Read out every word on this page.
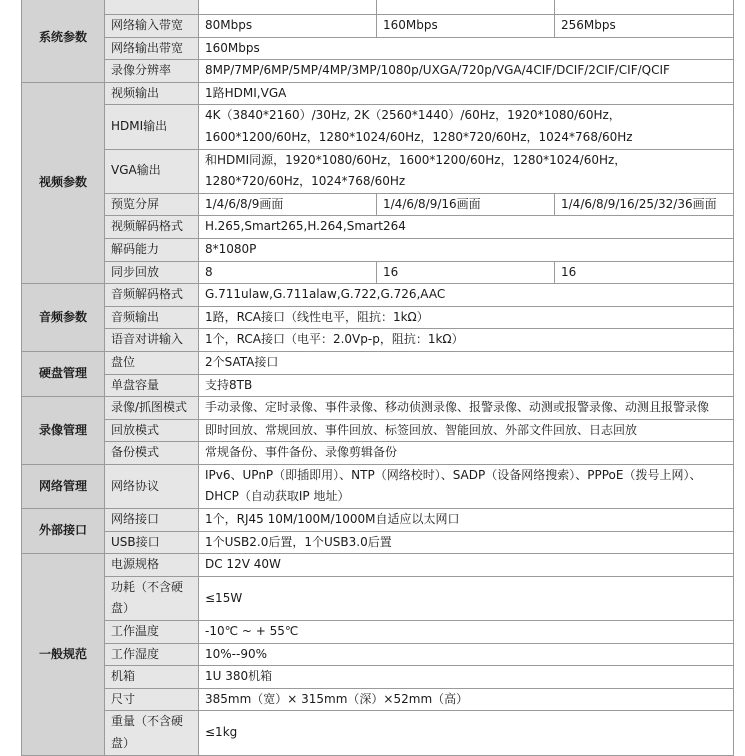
系统参数				
	网络输入带宽	80Mbps	160Mbps	256Mbps
	网络输出带宽	160Mbps		
	录像分辨率	8MP/7MP/6MP/5MP/4MP/3MP/1080p/UXGA/720p/VGA/4CIF/DCIF/2CIF/CIF/QCIF		
视频参数	视频输出	1路HDMI,VGA		
	HDMI输出	4K（3840*2160）/30Hz, 2K（2560*1440）/60Hz，1920*1080/60Hz，1600*1200/60Hz，1280*1024/60Hz，1280*720/60Hz，1024*768/60Hz		
	VGA输出	和HDMI同源，1920*1080/60Hz，1600*1200/60Hz，1280*1024/60Hz，1280*720/60Hz，1024*768/60Hz		
	预览分屏	1/4/6/8/9画面	1/4/6/8/9/16画面	1/4/6/8/9/16/25/32/36画面
	视频解码格式	H.265,Smart265,H.264,Smart264		
	解码能力	8*1080P		
	同步回放	8	16	16
音频参数	音频解码格式	G.711ulaw,G.711alaw,G.722,G.726,AAC		
	音频输出	1路，RCA接口（线性电平，阻抗：1kΩ）		
	语音对讲输入	1个，RCA接口（电平：2.0Vp-p，阻抗：1kΩ）		
硬盘管理	盘位	2个SATA接口		
	单盘容量	支持8TB		
录像管理	录像/抓图模式	手动录像、定时录像、事件录像、移动侦测录像、报警录像、动测或报警录像、动测且报警录像		
	回放模式	即时回放、常规回放、事件回放、标签回放、智能回放、外部文件回放、日志回放		
	备份模式	常规备份、事件备份、录像剪辑备份		
网络管理	网络协议	IPv6、UPnP（即插即用）、NTP（网络校时）、SADP（设备网络搜索）、PPPoE（拨号上网）、DHCP（自动获取IP 地址）		
外部接口	网络接口	1个，RJ45 10M/100M/1000M自适应以太网口		
	USB接口	1个USB2.0后置，1个USB3.0后置		
一般规范	电源规格	DC 12V 40W		
	功耗（不含硬盘）	≤15W		
	工作温度	-10℃ ~ + 55℃		
	工作湿度	10%--90%		
	机箱	1U 380机箱		
	尺寸	385mm（宽）× 315mm（深）×52mm（高）		
	重量（不含硬盘）	≤1kg		
